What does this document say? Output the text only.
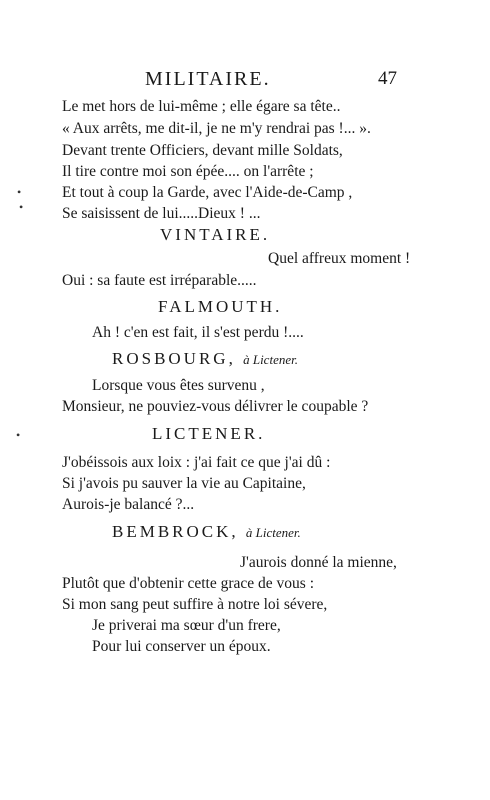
MILITAIRE.	47
Le met hors de lui-même ; elle égare sa tête..
« Aux arrêts, me dit-il, je ne m'y rendrai pas !... ».
Devant trente Officiers, devant mille Soldats,
Il tire contre moi son épée.... on l'arrête ;
Et tout à coup la Garde, avec l'Aide-de-Camp ,
•
Se saisissent de lui.....Dieux ! ...
•
VINTAIRE.
Quel affreux moment !
Oui : sa faute est irréparable.....
FALMOUTH.
Ah ! c'en est fait, il s'est perdu !....
ROSBOURG, à Lictener.
Lorsque vous êtes survenu ,
Monsieur, ne pouviez-vous délivrer le coupable ?
•	LICTENER.
J'obéissois aux loix : j'ai fait ce que j'ai dû :
Si j'avois pu sauver la vie au Capitaine,
Aurois-je balancé ?...
BEMBROCK, à Lictener.
J'aurois donné la mienne,
Plutôt que d'obtenir cette grace de vous :
Si mon sang peut suffire à notre loi sévere,
Je priverai ma sœur d'un frere,
Pour lui conserver un époux.
